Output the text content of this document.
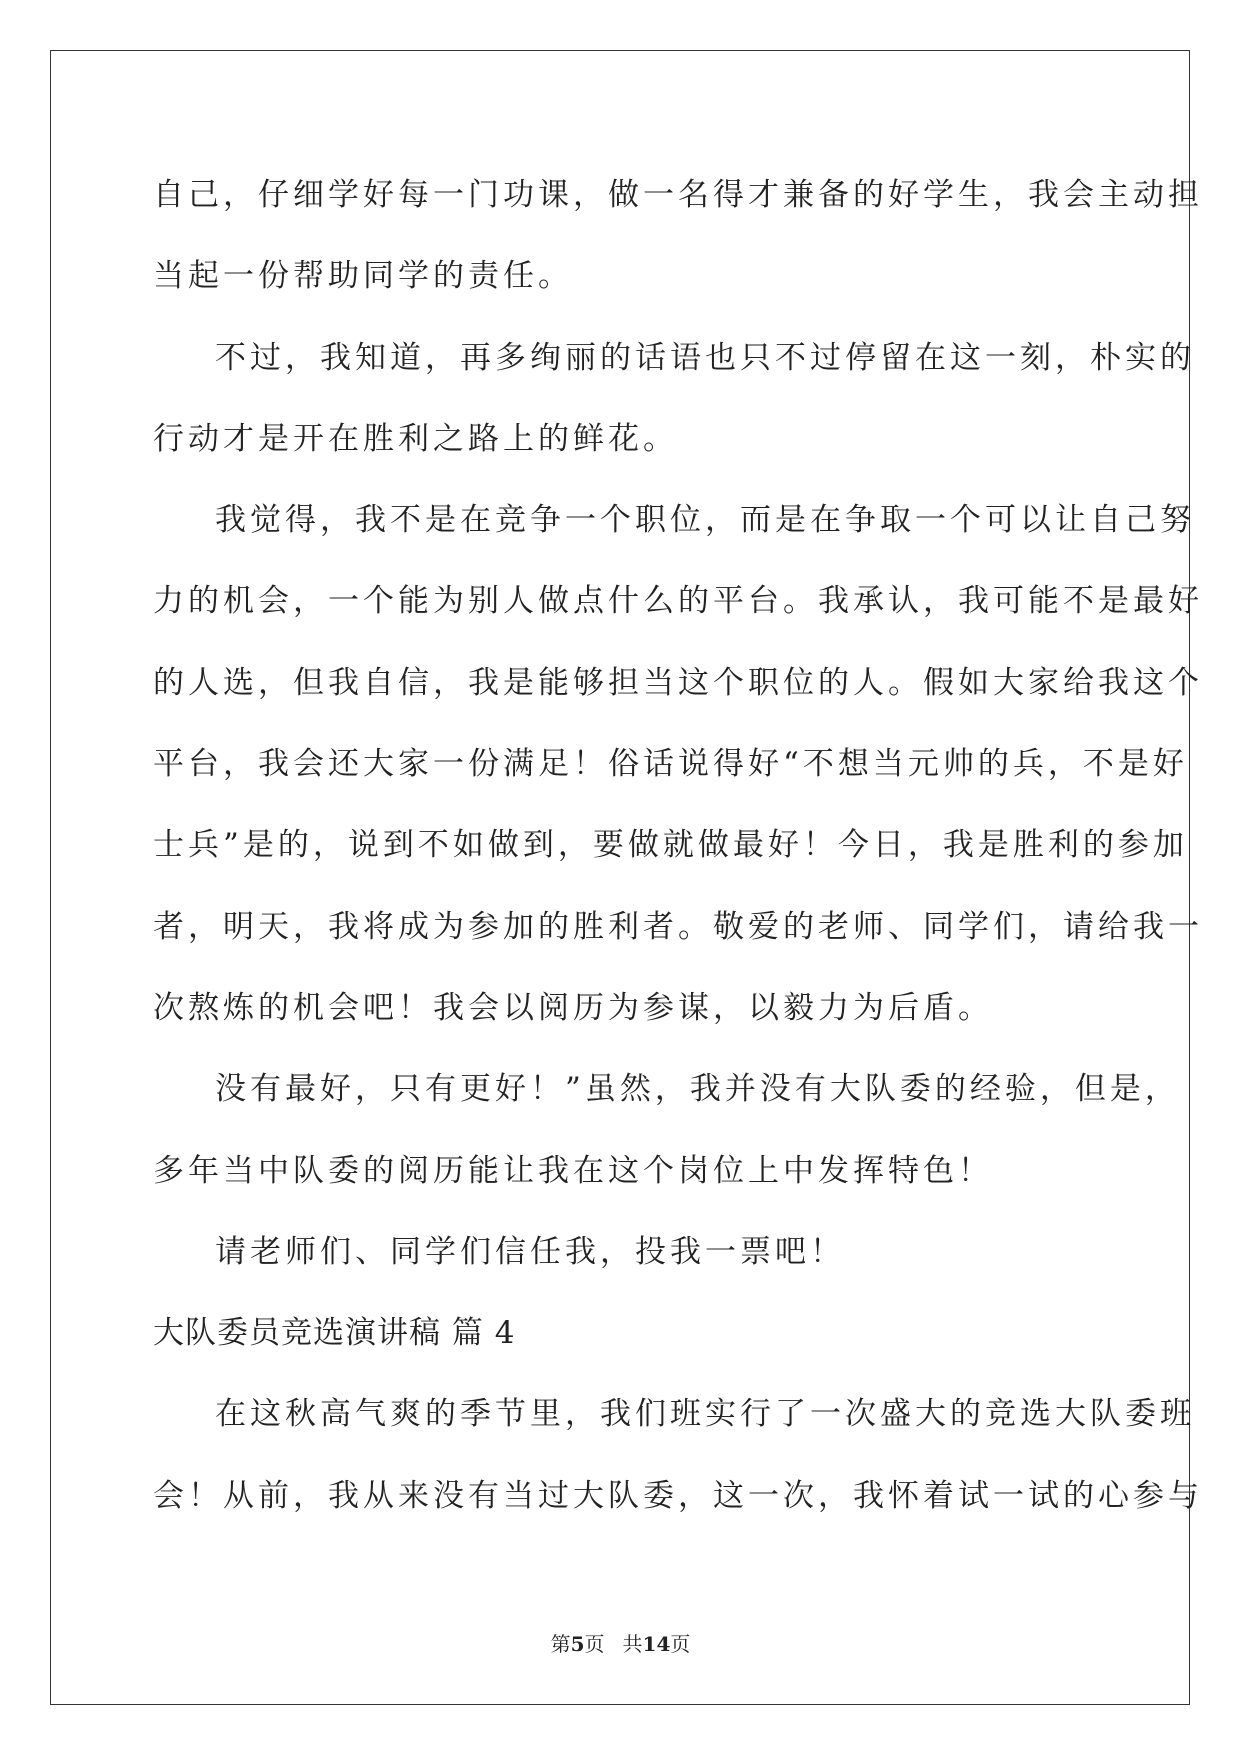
自己，仔细学好每一门功课，做一名得才兼备的好学生，我会主动担
当起一份帮助同学的责任。
不过，我知道，再多绚丽的话语也只不过停留在这一刻，朴实的
行动才是开在胜利之路上的鲜花。
我觉得，我不是在竞争一个职位，而是在争取一个可以让自己努
力的机会，一个能为别人做点什么的平台。我承认，我可能不是最好
的人选，但我自信，我是能够担当这个职位的人。假如大家给我这个
平台，我会还大家一份满足！俗话说得好“不想当元帅的兵，不是好
士兵”是的，说到不如做到，要做就做最好！今日，我是胜利的参加
者，明天，我将成为参加的胜利者。敬爱的老师、同学们，请给我一
次熬炼的机会吧！我会以阅历为参谋，以毅力为后盾。
没有最好，只有更好！”虽然，我并没有大队委的经验，但是，
多年当中队委的阅历能让我在这个岗位上中发挥特色！
请老师们、同学们信任我，投我一票吧！
大队委员竞选演讲稿 篇 4
在这秋高气爽的季节里，我们班实行了一次盛大的竞选大队委班
会！从前，我从来没有当过大队委，这一次，我怀着试一试的心参与
第5页 共14页
